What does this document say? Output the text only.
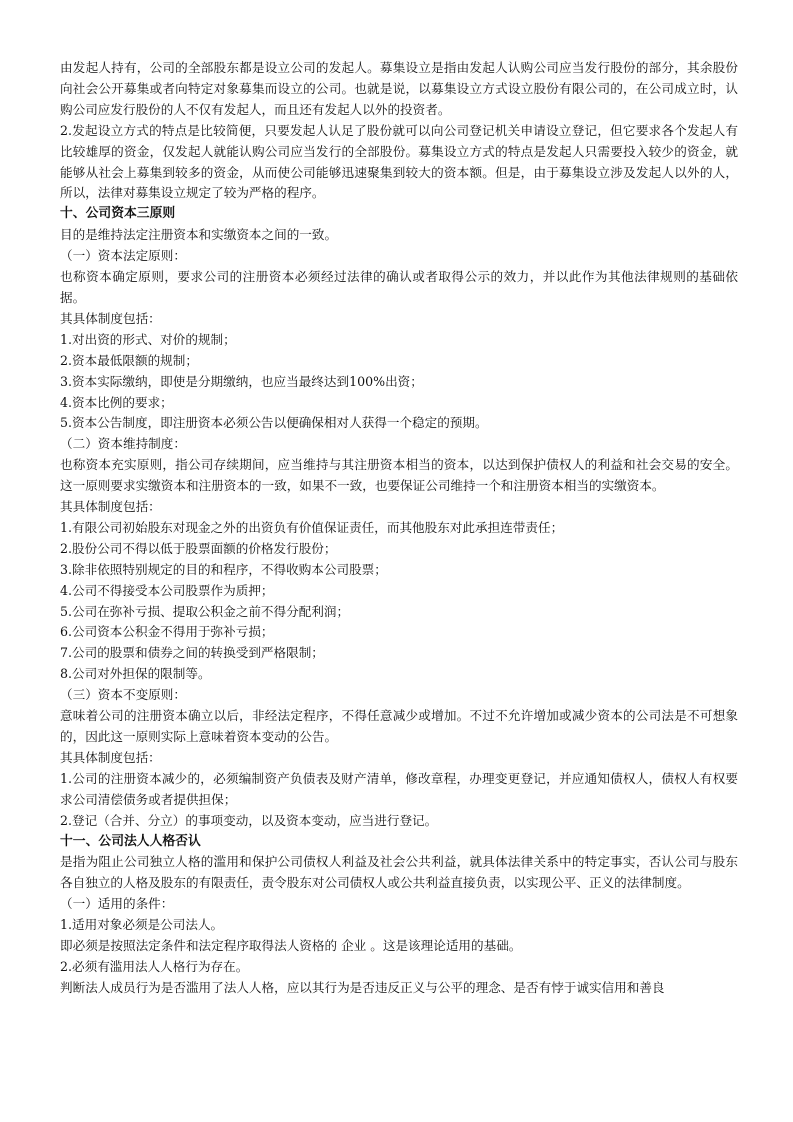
由发起人持有，公司的全部股东都是设立公司的发起人。募集设立是指由发起人认购公司应当发行股份的部分，其余股份向社会公开募集或者向特定对象募集而设立的公司。也就是说，以募集设立方式设立股份有限公司的，在公司成立时，认购公司应发行股份的人不仅有发起人，而且还有发起人以外的投资者。

2.发起设立方式的特点是比较简便，只要发起人认足了股份就可以向公司登记机关申请设立登记，但它要求各个发起人有比较雄厚的资金，仅发起人就能认购公司应当发行的全部股份。募集设立方式的特点是发起人只需要投入较少的资金，就能够从社会上募集到较多的资金，从而使公司能够迅速聚集到较大的资本额。但是，由于募集设立涉及发起人以外的人，所以，法律对募集设立规定了较为严格的程序。

十、公司资本三原则

目的是维持法定注册资本和实缴资本之间的一致。

（一）资本法定原则：

也称资本确定原则，要求公司的注册资本必须经过法律的确认或者取得公示的效力，并以此作为其他法律规则的基础依据。

其具体制度包括：

1.对出资的形式、对价的规制；

2.资本最低限额的规制；

3.资本实际缴纳，即使是分期缴纳，也应当最终达到100%出资；

4.资本比例的要求；

5.资本公告制度，即注册资本必须公告以便确保相对人获得一个稳定的预期。

（二）资本维持制度：

也称资本充实原则，指公司存续期间，应当维持与其注册资本相当的资本，以达到保护债权人的利益和社会交易的安全。这一原则要求实缴资本和注册资本的一致，如果不一致，也要保证公司维持一个和注册资本相当的实缴资本。

其具体制度包括：

1.有限公司初始股东对现金之外的出资负有价值保证责任，而其他股东对此承担连带责任；

2.股份公司不得以低于股票面额的价格发行股份；

3.除非依照特别规定的目的和程序，不得收购本公司股票；

4.公司不得接受本公司股票作为质押；

5.公司在弥补亏损、提取公积金之前不得分配利润；

6.公司资本公积金不得用于弥补亏损；

7.公司的股票和债券之间的转换受到严格限制；

8.公司对外担保的限制等。

（三）资本不变原则：

意味着公司的注册资本确立以后，非经法定程序，不得任意减少或增加。不过不允许增加或减少资本的公司法是不可想象的，因此这一原则实际上意味着资本变动的公告。

其具体制度包括：

1.公司的注册资本减少的，必须编制资产负债表及财产清单，修改章程，办理变更登记，并应通知债权人，债权人有权要求公司清偿债务或者提供担保；

2.登记（合并、分立）的事项变动，以及资本变动，应当进行登记。

十一、公司法人人格否认

是指为阻止公司独立人格的滥用和保护公司债权人利益及社会公共利益，就具体法律关系中的特定事实，否认公司与股东各自独立的人格及股东的有限责任，责令股东对公司债权人或公共利益直接负责，以实现公平、正义的法律制度。

（一）适用的条件：

1.适用对象必须是公司法人。

即必须是按照法定条件和法定程序取得法人资格的 企业 。这是该理论适用的基础。

2.必须有滥用法人人格行为存在。

判断法人成员行为是否滥用了法人人格，应以其行为是否违反正义与公平的理念、是否有悖于诚实信用和善良
